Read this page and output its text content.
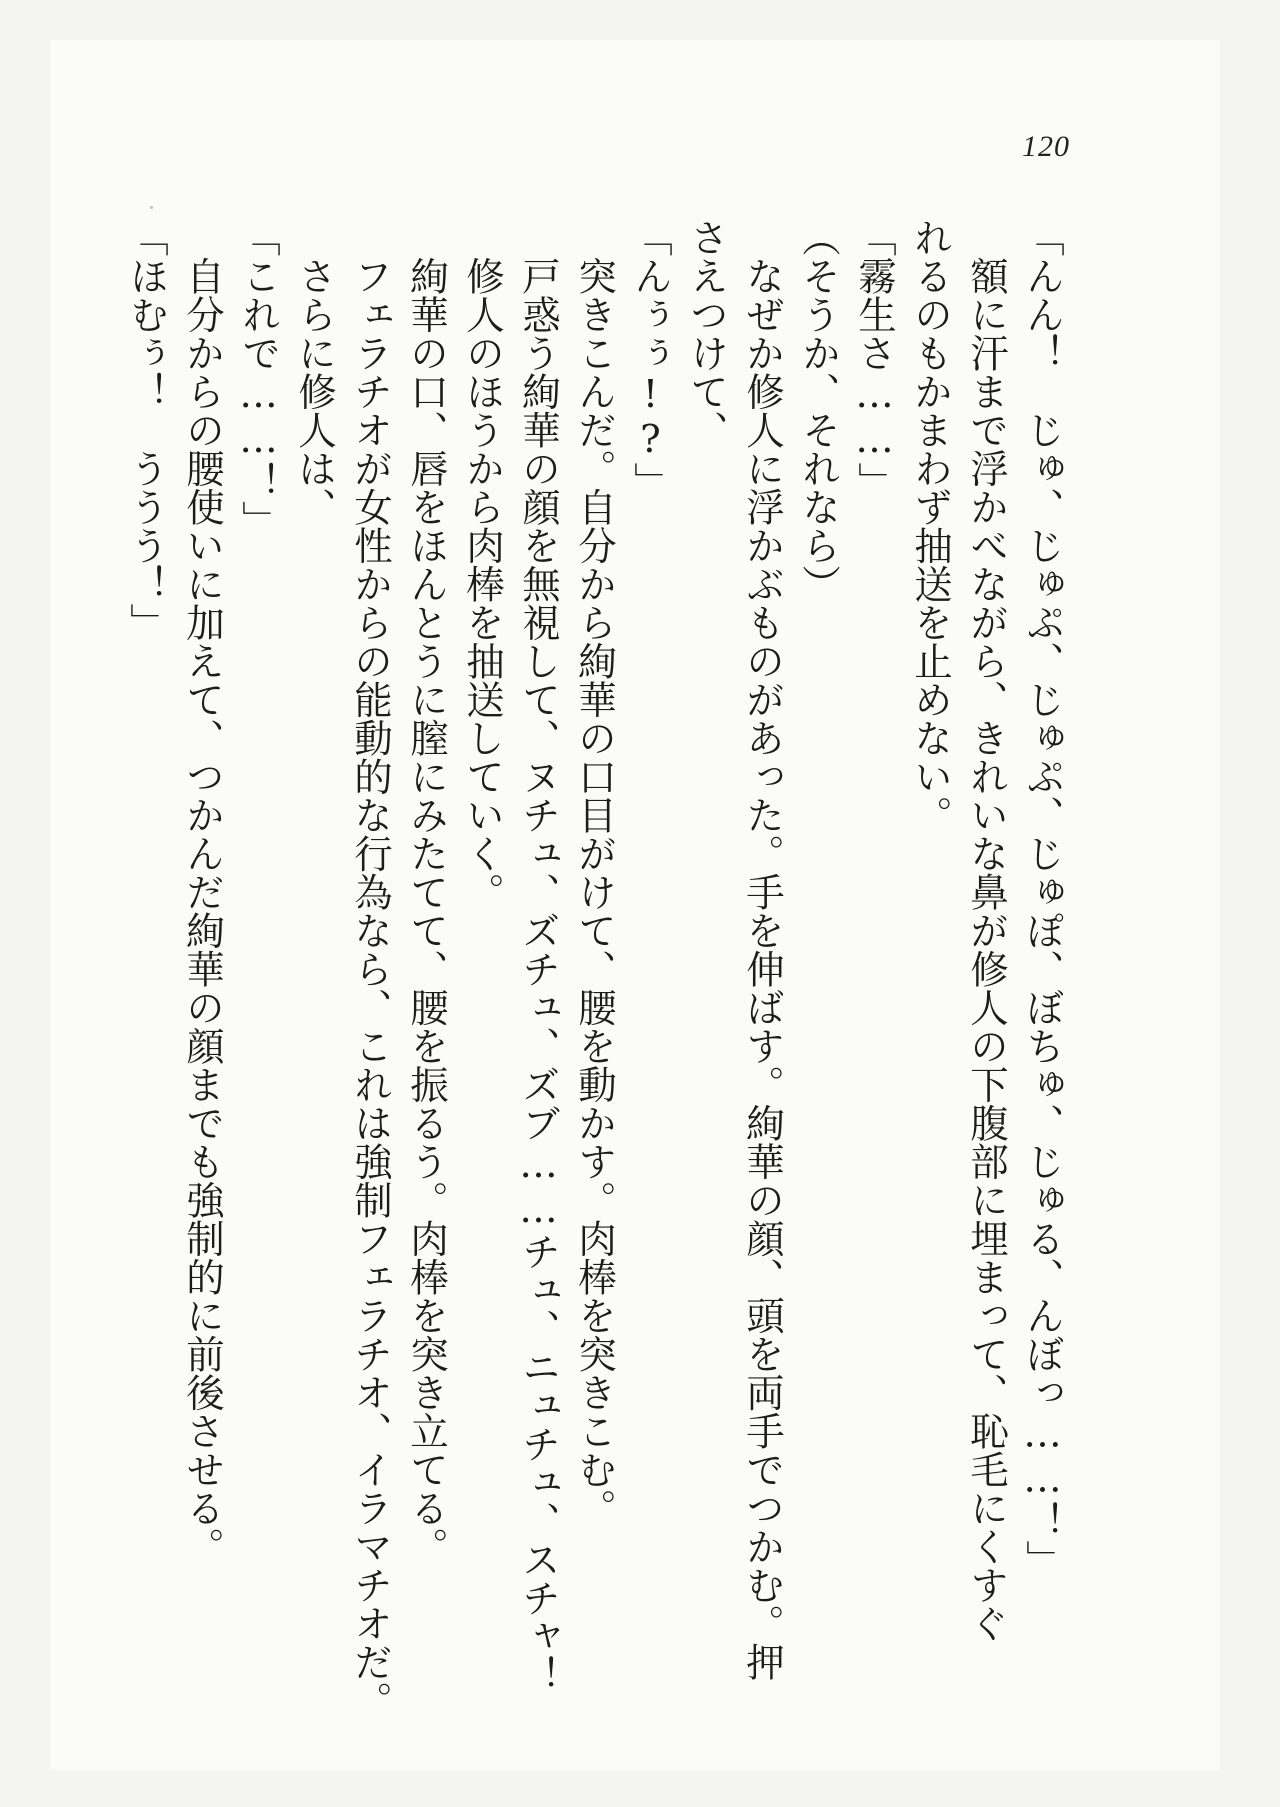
120
「んん！　じゅ、じゅぷ、じゅぷ、じゅぽ、ぼちゅ、じゅる、んぼっ……！」
　額に汗まで浮かべながら、きれいな鼻が修人の下腹部に埋まって、恥毛にくすぐ
れるのもかまわず抽送を止めない。
「霧生さ……」
（そうか、それなら）
　なぜか修人に浮かぶものがあった。手を伸ばす。絢華の顔、頭を両手でつかむ。押
さえつけて、
「んぅぅ!?」
　突きこんだ。自分から絢華の口目がけて、腰を動かす。肉棒を突きこむ。
　戸惑う絢華の顔を無視して、ヌチュ、ズチュ、ズブ……チュ、ニュチュ、スチャ！
　修人のほうから肉棒を抽送していく。
　絢華の口、唇をほんとうに膣にみたてて、腰を振るう。肉棒を突き立てる。
　フェラチオが女性からの能動的な行為なら、これは強制フェラチオ、イラマチオだ。
　さらに修人は、
「これで……！」
　自分からの腰使いに加えて、つかんだ絢華の顔までも強制的に前後させる。
「ほむぅ！　ううう！」
